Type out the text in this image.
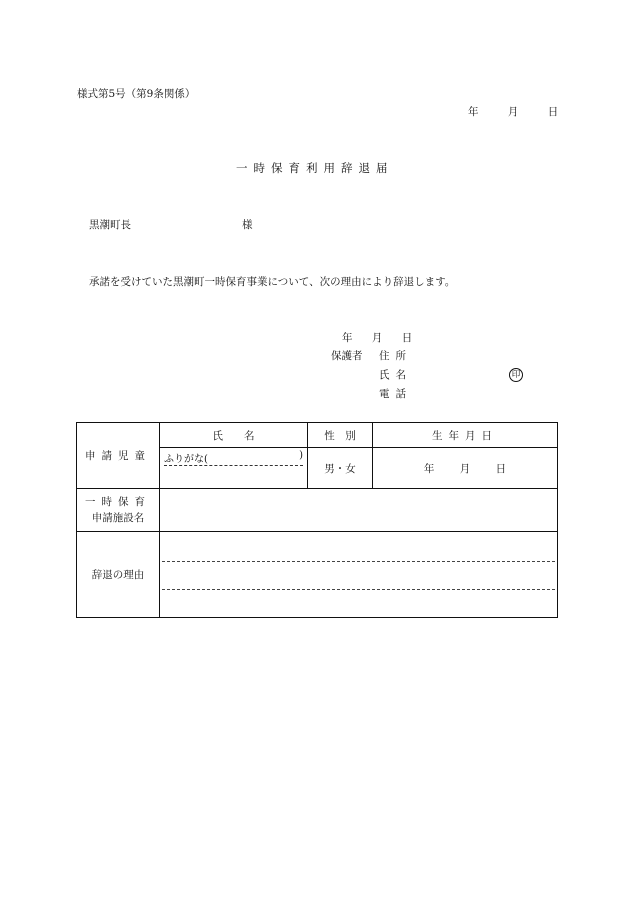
様式第5号（第9条関係）
年	月	日
一時保育利用辞退届
黒潮町長	様
承諾を受けていた黒潮町一時保育事業について、次の理由により辞退します。
年 月 日
保護者 住所
氏名	印
電話
申請児童	氏　　名	性　別	生年月日

	ふりがな( )	男・女	年 月 日

一時保育
申請施設名			

辞退の理由			
